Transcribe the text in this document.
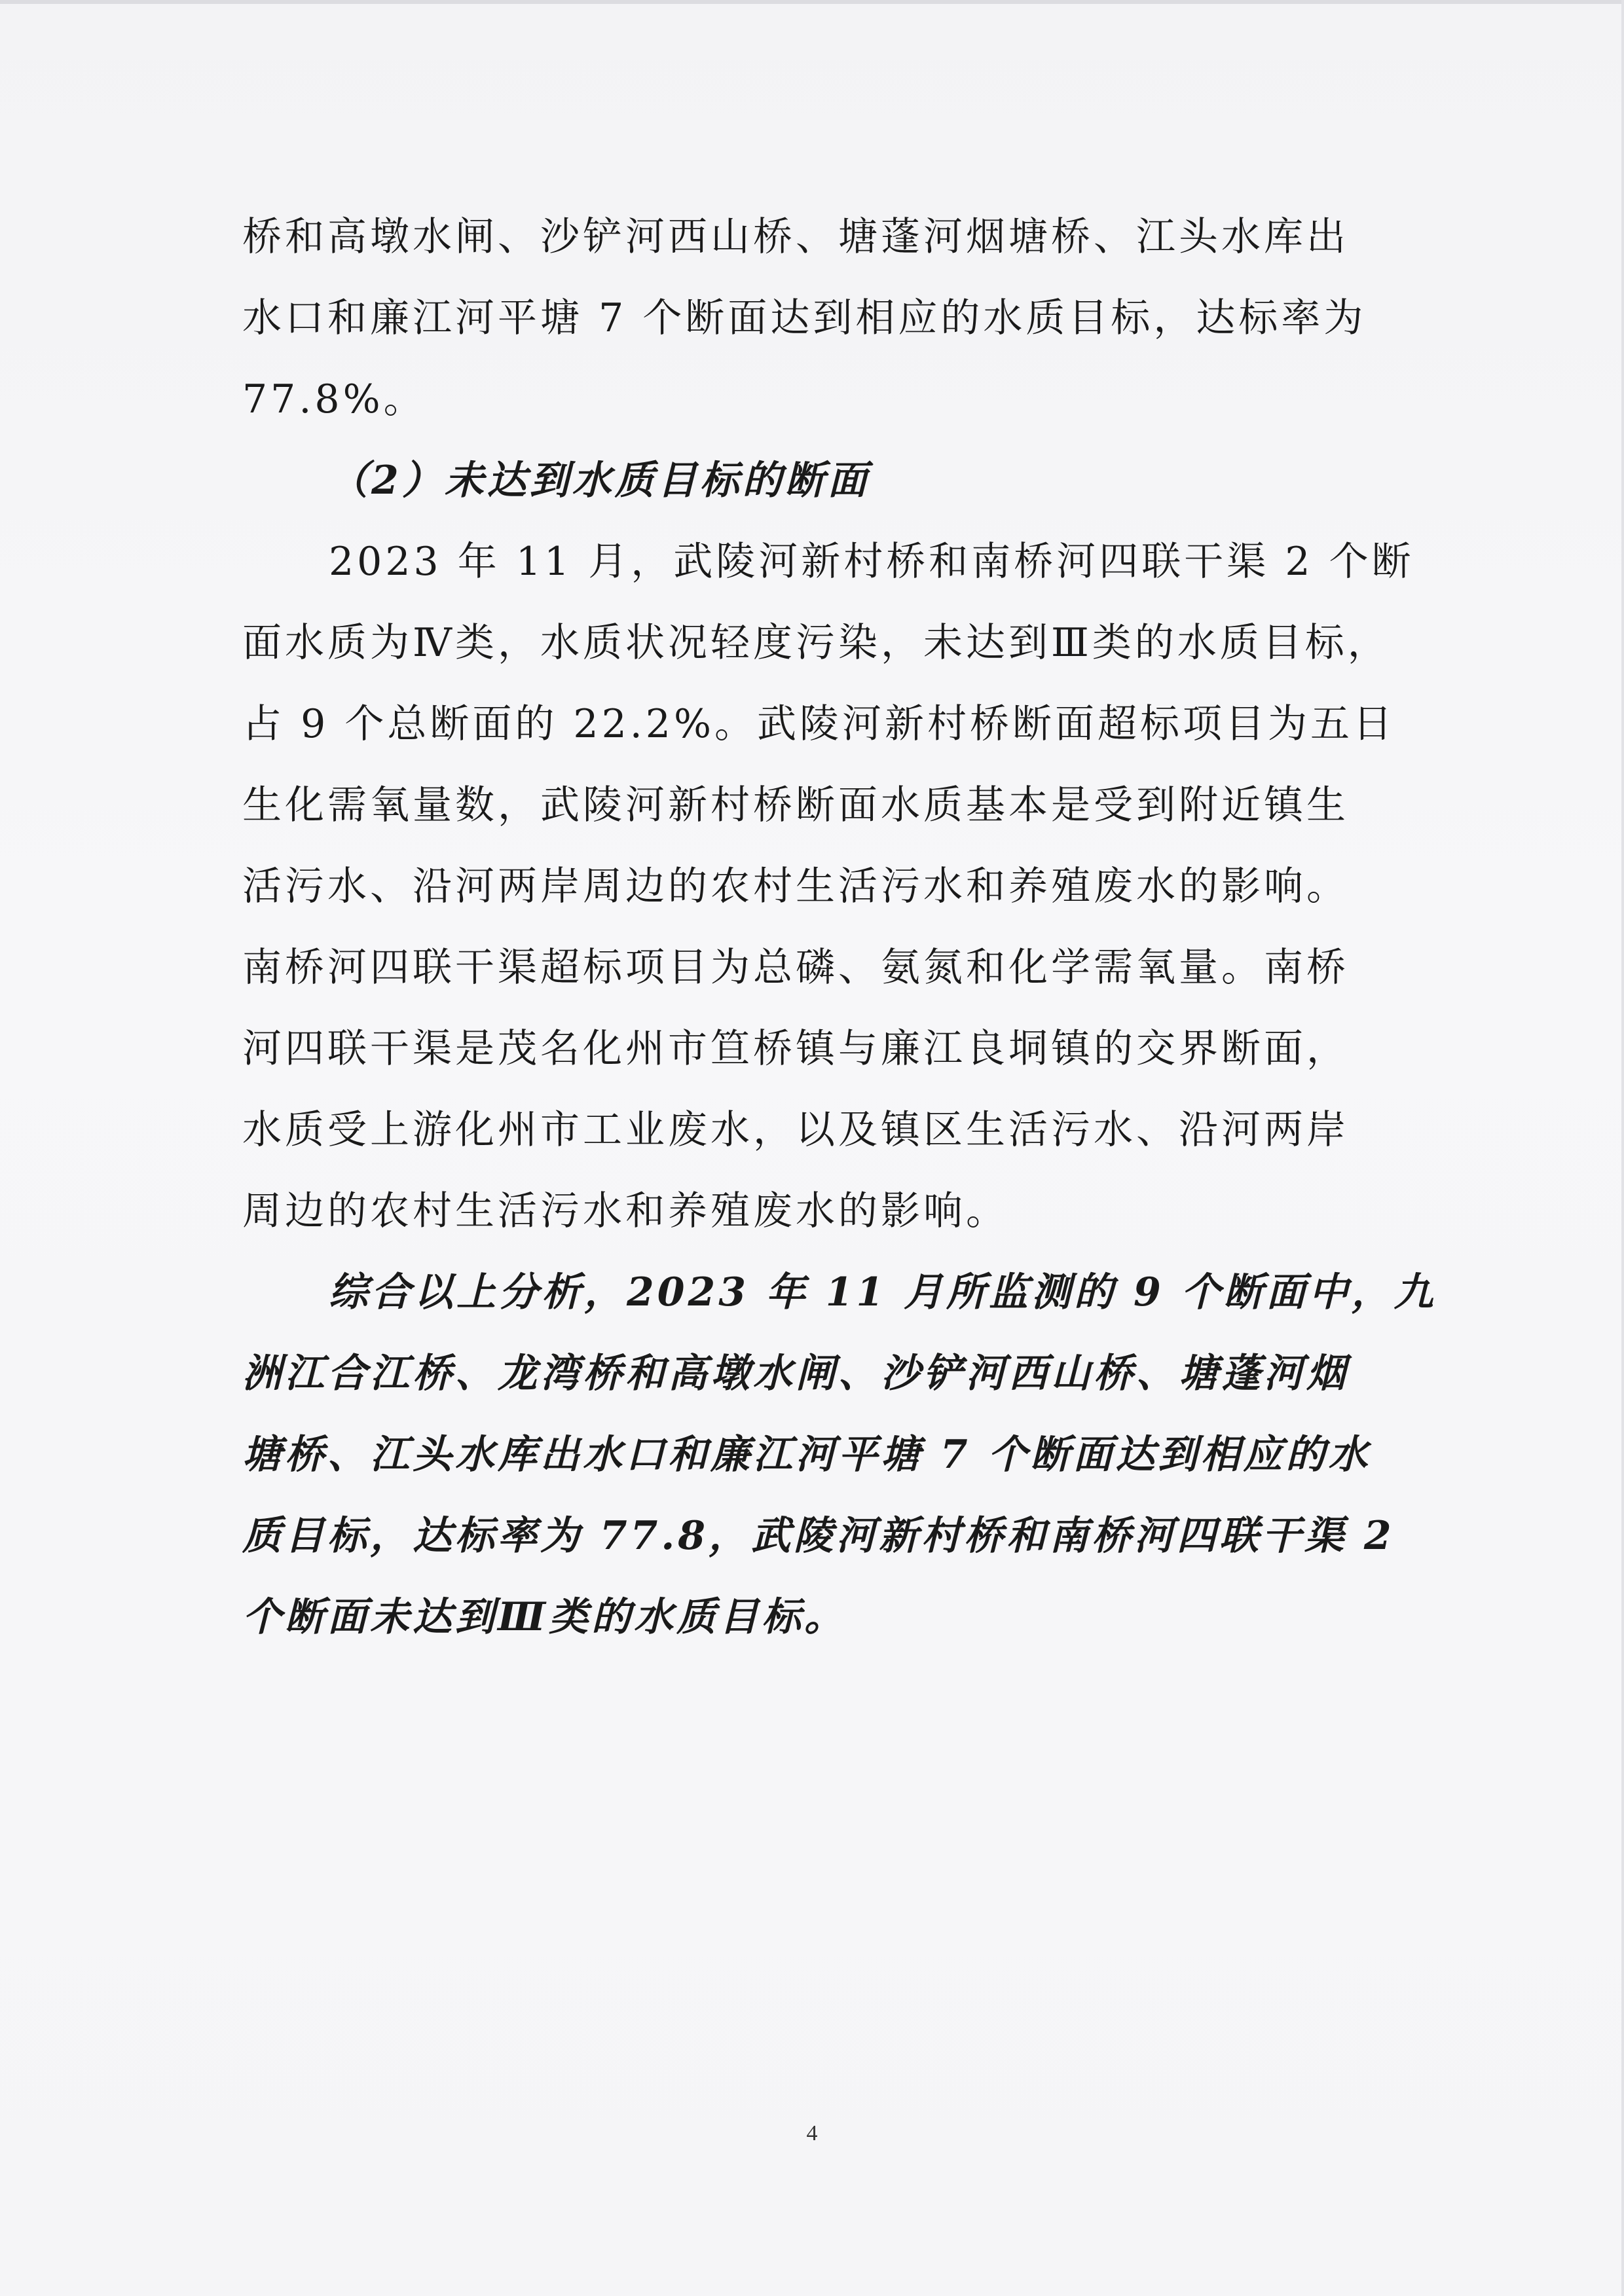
桥和高墩水闸、沙铲河西山桥、塘蓬河烟塘桥、江头水库出
水口和廉江河平塘 7 个断面达到相应的水质目标，达标率为
77.8%。
（2）未达到水质目标的断面
2023 年 11 月，武陵河新村桥和南桥河四联干渠 2 个断
面水质为Ⅳ类，水质状况轻度污染，未达到Ⅲ类的水质目标，
占 9 个总断面的 22.2%。武陵河新村桥断面超标项目为五日
生化需氧量数，武陵河新村桥断面水质基本是受到附近镇生
活污水、沿河两岸周边的农村生活污水和养殖废水的影响。
南桥河四联干渠超标项目为总磷、氨氮和化学需氧量。南桥
河四联干渠是茂名化州市笪桥镇与廉江良垌镇的交界断面，
水质受上游化州市工业废水，以及镇区生活污水、沿河两岸
周边的农村生活污水和养殖废水的影响。
综合以上分析，2023 年 11 月所监测的 9 个断面中，九
洲江合江桥、龙湾桥和高墩水闸、沙铲河西山桥、塘蓬河烟
塘桥、江头水库出水口和廉江河平塘 7 个断面达到相应的水
质目标，达标率为 77.8，武陵河新村桥和南桥河四联干渠 2
个断面未达到Ⅲ类的水质目标。
4
